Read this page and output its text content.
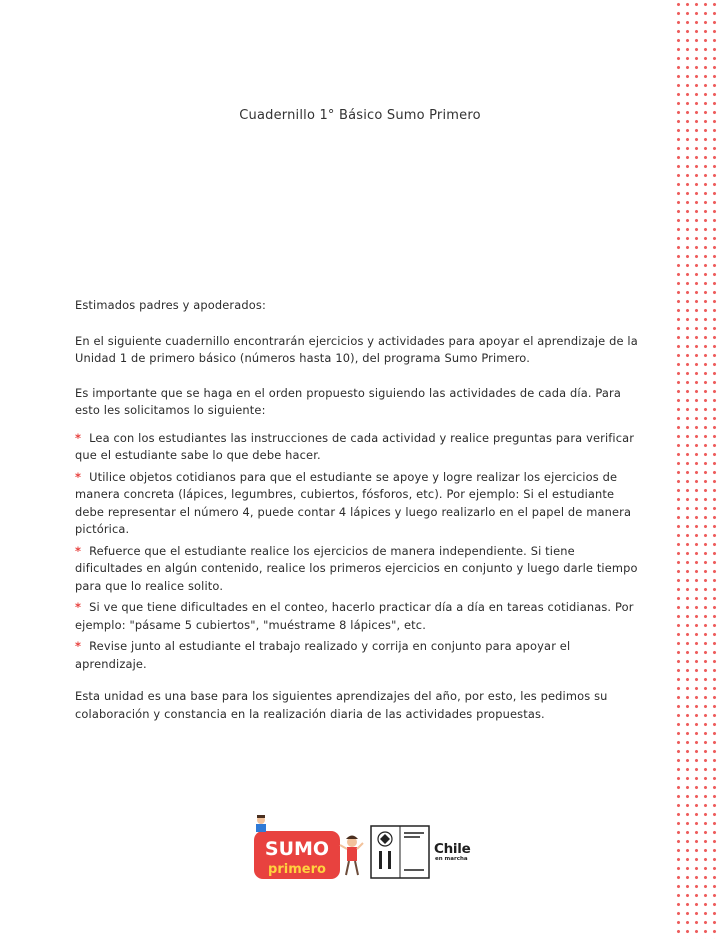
Cuadernillo 1° Básico Sumo Primero

Estimados padres y apoderados:

En el siguiente cuadernillo encontrarán ejercicios y actividades para apoyar el aprendizaje de la Unidad 1 de primero básico (números hasta 10), del programa Sumo Primero.

Es importante que se haga en el orden propuesto siguiendo las actividades de cada día. Para esto les solicitamos lo siguiente:

* Lea con los estudiantes las instrucciones de cada actividad y realice preguntas para verificar que el estudiante sabe lo que debe hacer.
* Utilice objetos cotidianos para que el estudiante se apoye y logre realizar los ejercicios de manera concreta (lápices, legumbres, cubiertos, fósforos, etc). Por ejemplo: Si el estudiante debe representar el número 4, puede contar 4 lápices y luego realizarlo en el papel de manera pictórica.
* Refuerce que el estudiante realice los ejercicios de manera independiente. Si tiene dificultades en algún contenido, realice los primeros ejercicios en conjunto y luego darle tiempo para que lo realice solito.
* Si ve que tiene dificultades en el conteo, hacerlo practicar día a día en tareas cotidianas. Por ejemplo: "pásame 5 cubiertos", "muéstrame 8 lápices", etc.
* Revise junto al estudiante el trabajo realizado y corrija en conjunto para apoyar el aprendizaje.

Esta unidad es una base para los siguientes aprendizajes del año, por esto, les pedimos su colaboración y constancia en la realización diaria de las actividades propuestas.

SUMO
primero
Chile
en marcha
